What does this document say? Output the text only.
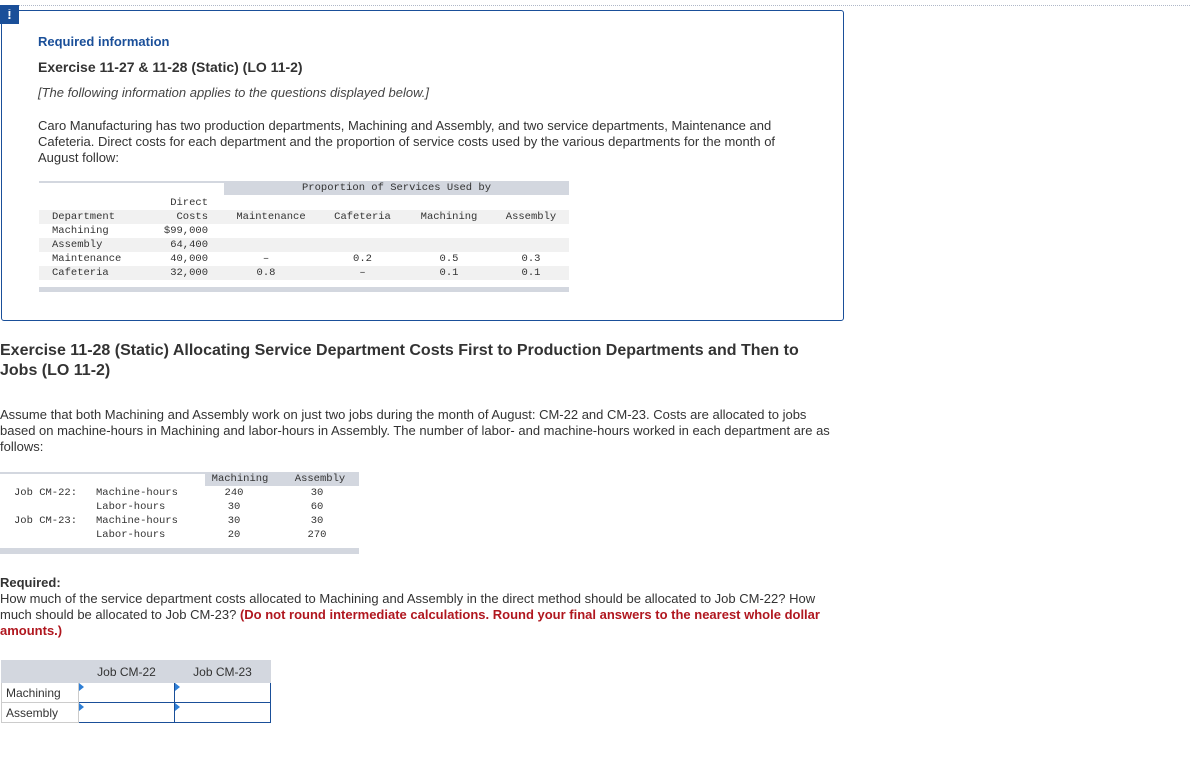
!
Required information
Exercise 11-27 & 11-28 (Static) (LO 11-2)
[The following information applies to the questions displayed below.]
Caro Manufacturing has two production departments, Machining and Assembly, and two service departments, Maintenance and Cafeteria. Direct costs for each department and the proportion of service costs used by the various departments for the month of August follow:
Proportion of Services Used by
Direct
Department	Costs	Maintenance	Cafeteria	Machining	Assembly
Machining	$99,000
Assembly	64,400
Maintenance	40,000	–	0.2	0.5	0.3
Cafeteria	32,000	0.8	–	0.1	0.1
Exercise 11-28 (Static) Allocating Service Department Costs First to Production Departments and Then to Jobs (LO 11-2)
Assume that both Machining and Assembly work on just two jobs during the month of August: CM-22 and CM-23. Costs are allocated to jobs based on machine-hours in Machining and labor-hours in Assembly. The number of labor- and machine-hours worked in each department are as follows:
Machining	Assembly
Job CM-22: Machine-hours	240	30
Labor-hours	30	60
Job CM-23: Machine-hours	30	30
Labor-hours	20	270
Required:
How much of the service department costs allocated to Machining and Assembly in the direct method should be allocated to Job CM-22? How much should be allocated to Job CM-23? (Do not round intermediate calculations. Round your final answers to the nearest whole dollar amounts.)
	Job CM-22	Job CM-23
Machining	

Assembly	
